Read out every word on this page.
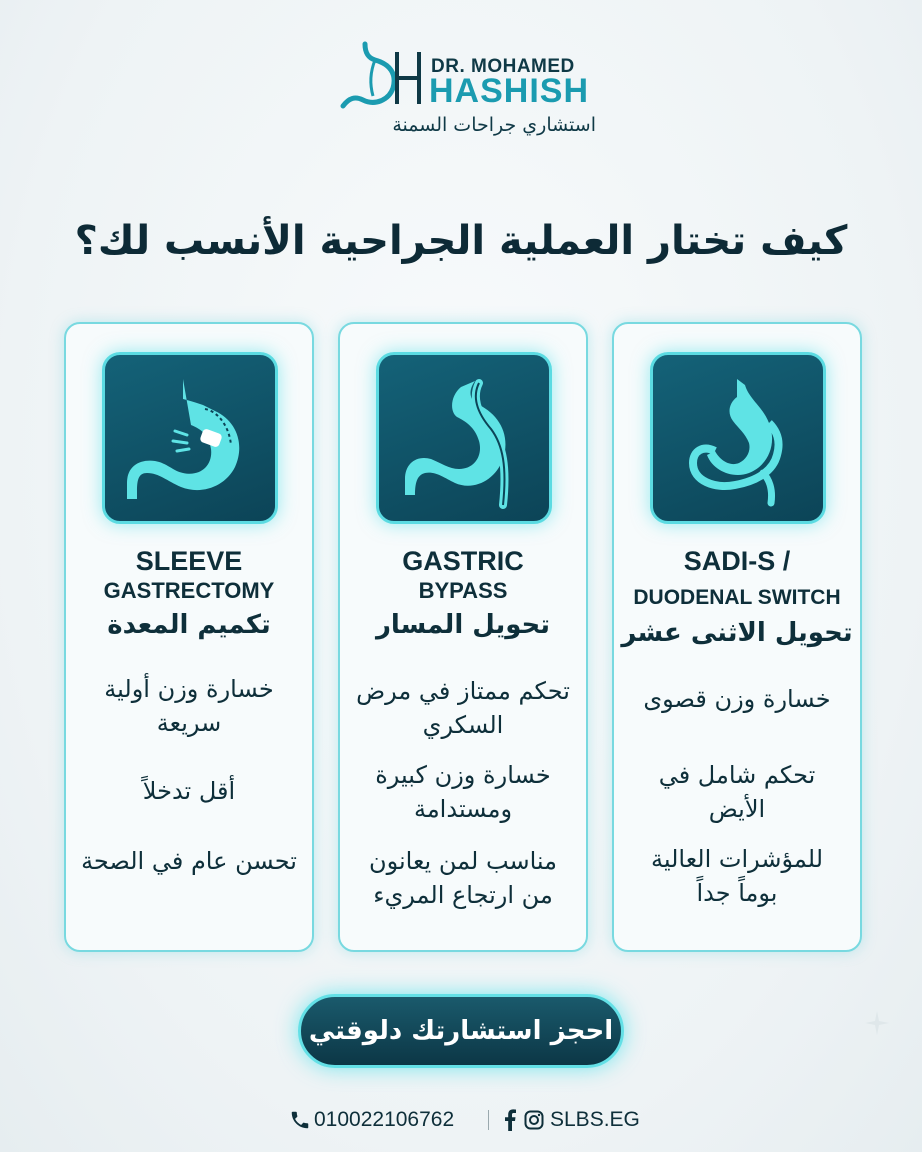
DR. MOHAMED
HASHISH
استشاري جراحات السمنة
كيف تختار العملية الجراحية الأنسب لك؟
SLEEVE
GASTRECTOMY
تكميم المعدة
خسارة وزن أولية سريعة
أقل تدخلاً
تحسن عام في الصحة
GASTRIC
BYPASS
تحويل المسار
تحكم ممتاز في مرض السكري
خسارة وزن كبيرة ومستدامة
مناسب لمن يعانون من ارتجاع المريء
SADI-S /
DUODENAL SWITCH
تحويل الاثنى عشر
خسارة وزن قصوى
تحكم شامل في الأيض
للمؤشرات العالية بوماً جداً
احجز استشارتك دلوقتي
010022106762	SLBS.EG
